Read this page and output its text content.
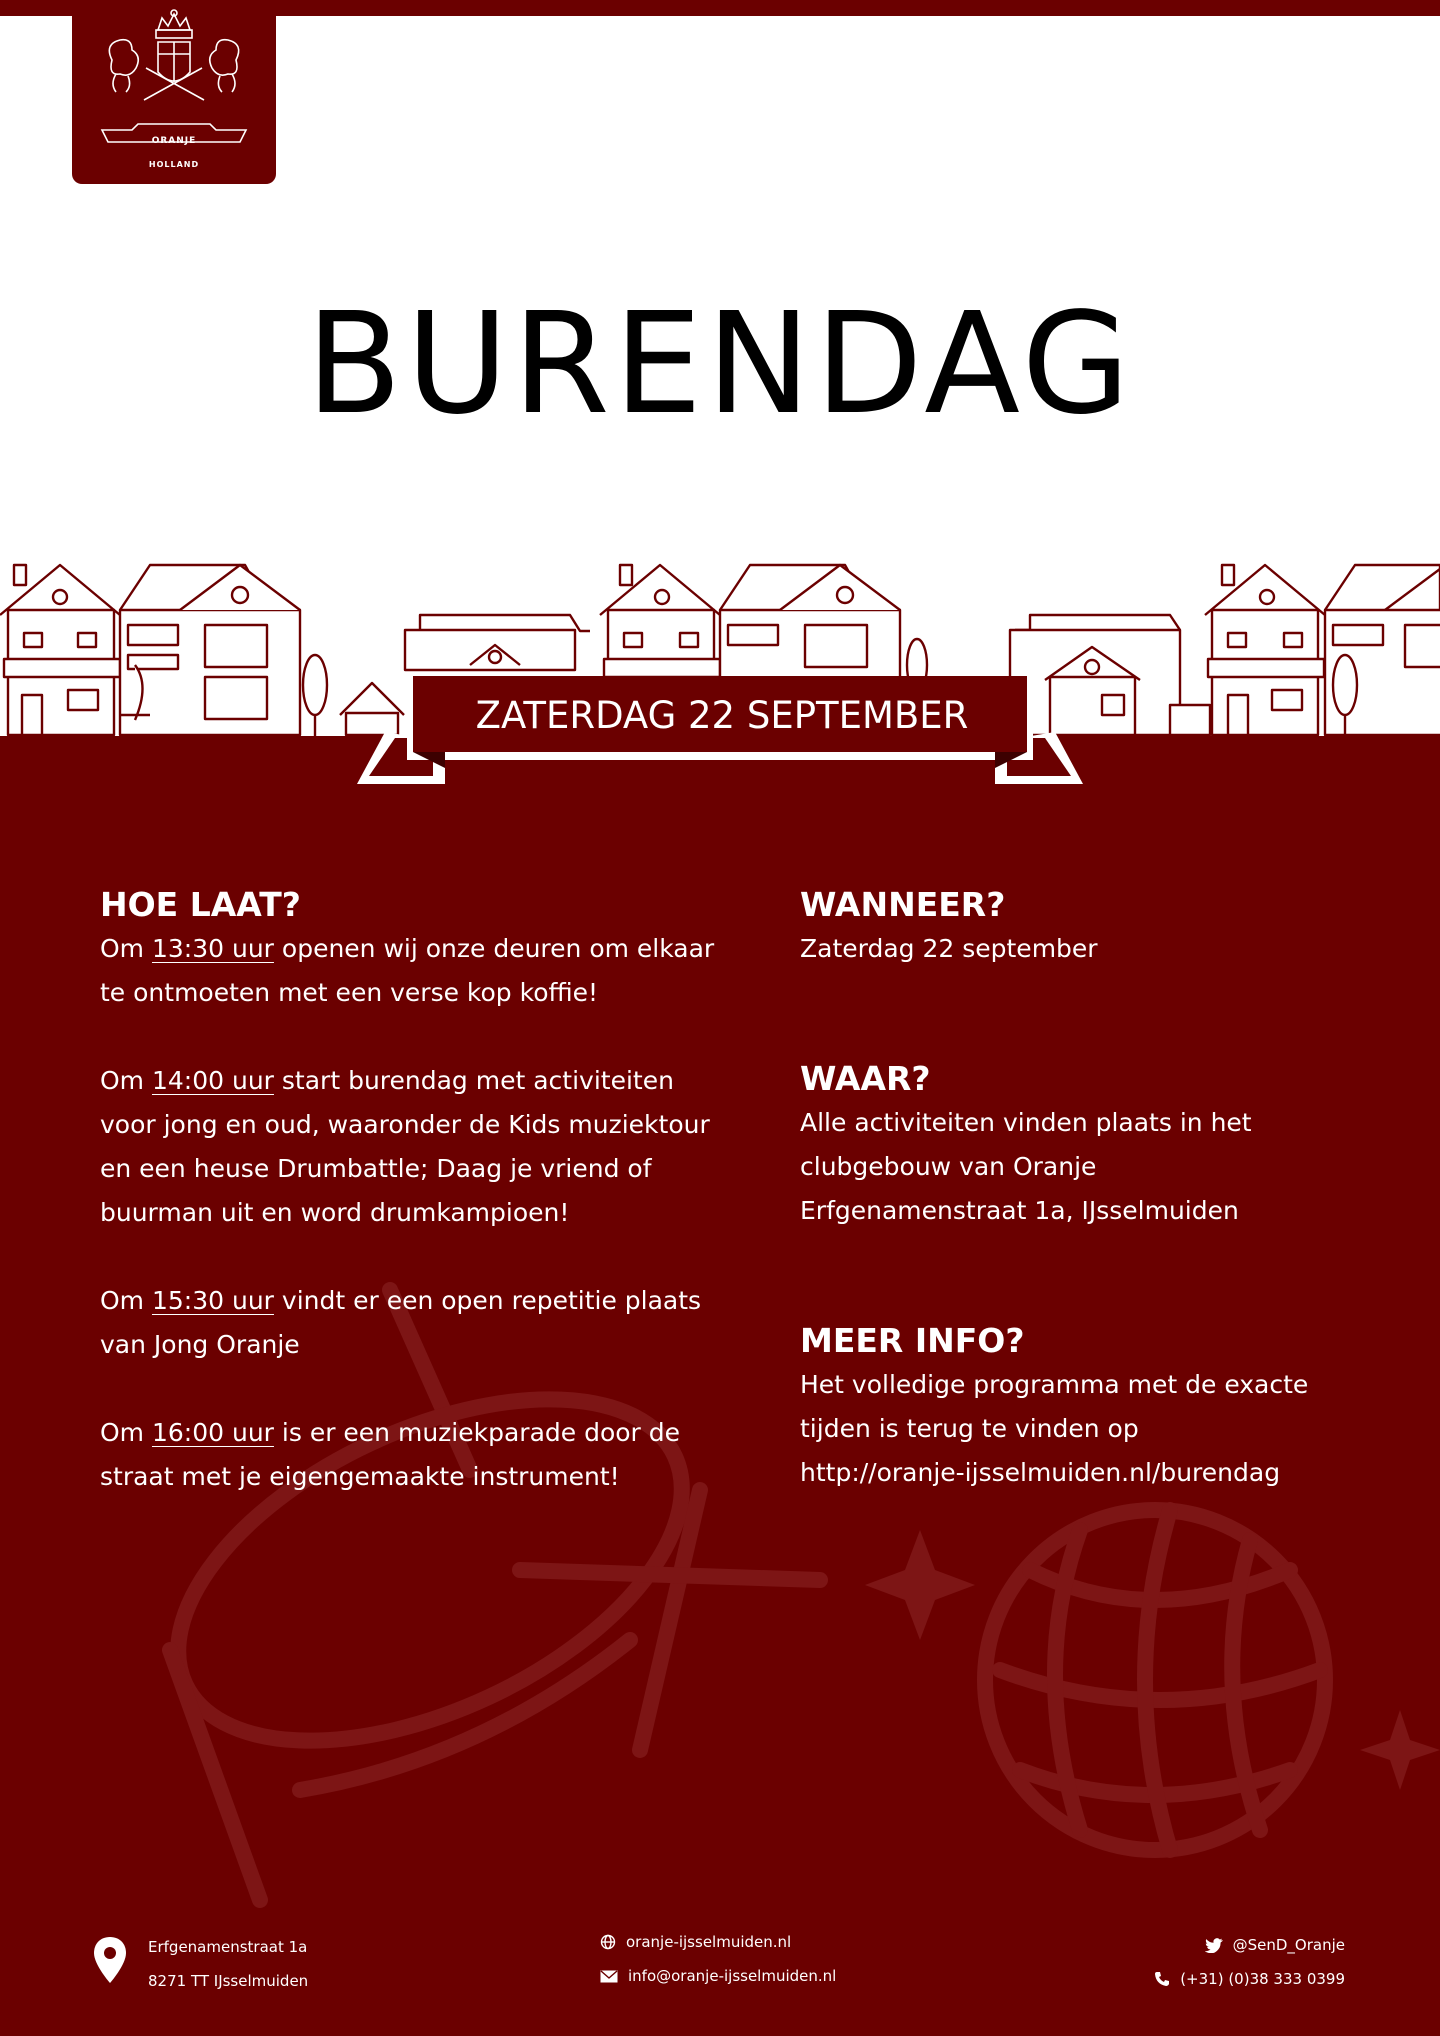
ORANJE
HOLLAND
BURENDAG
ZATERDAG 22 SEPTEMBER
HOE LAAT?

Om 13:30 uur openen wij onze deuren om elkaar te ontmoeten met een verse kop koffie!

Om 14:00 uur start burendag met activiteiten voor jong en oud, waaronder de Kids muziektour en een heuse Drumbattle; Daag je vriend of buurman uit en word drumkampioen!

Om 15:30 uur vindt er een open repetitie plaats van Jong Oranje

Om 16:00 uur is er een muziekparade door de straat met je eigengemaakte instrument!

WANNEER?

Zaterdag 22 september

WAAR?

Alle activiteiten vinden plaats in het

clubgebouw van Oranje

Erfgenamenstraat 1a, IJsselmuiden

MEER INFO?

Het volledige programma met de exacte

tijden is terug te vinden op

http://oranje-ijsselmuiden.nl/burendag

Erfgenamenstraat 1a
8271 TT IJsselmuiden
oranje-ijsselmuiden.nl
info@oranje-ijsselmuiden.nl
@SenD_Oranje
(+31) (0)38 333 0399
